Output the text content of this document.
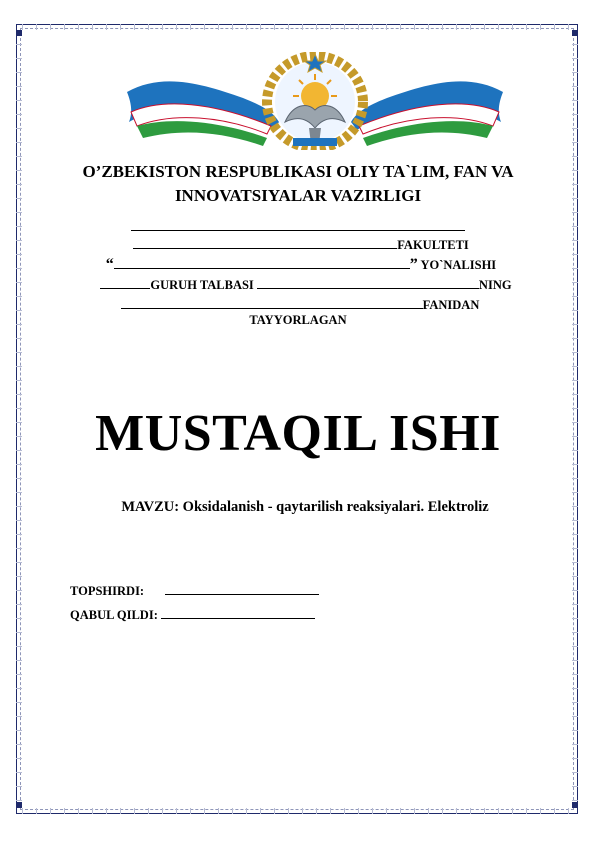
O’ZBEKISTON RESPUBLIKASI OLIY TA`LIM, FAN VA
INNOVATSIYALAR VAZIRLIGI
FAKULTETI
“	” YO`NALISHI
GURUH TALBASI	NING
FANIDAN
TAYYORLAGAN
MUSTAQIL ISHI
MAVZU: Oksidalanish - qaytarilish reaksiyalari. Elektroliz
TOPSHIRDI:
QABUL QILDI:
